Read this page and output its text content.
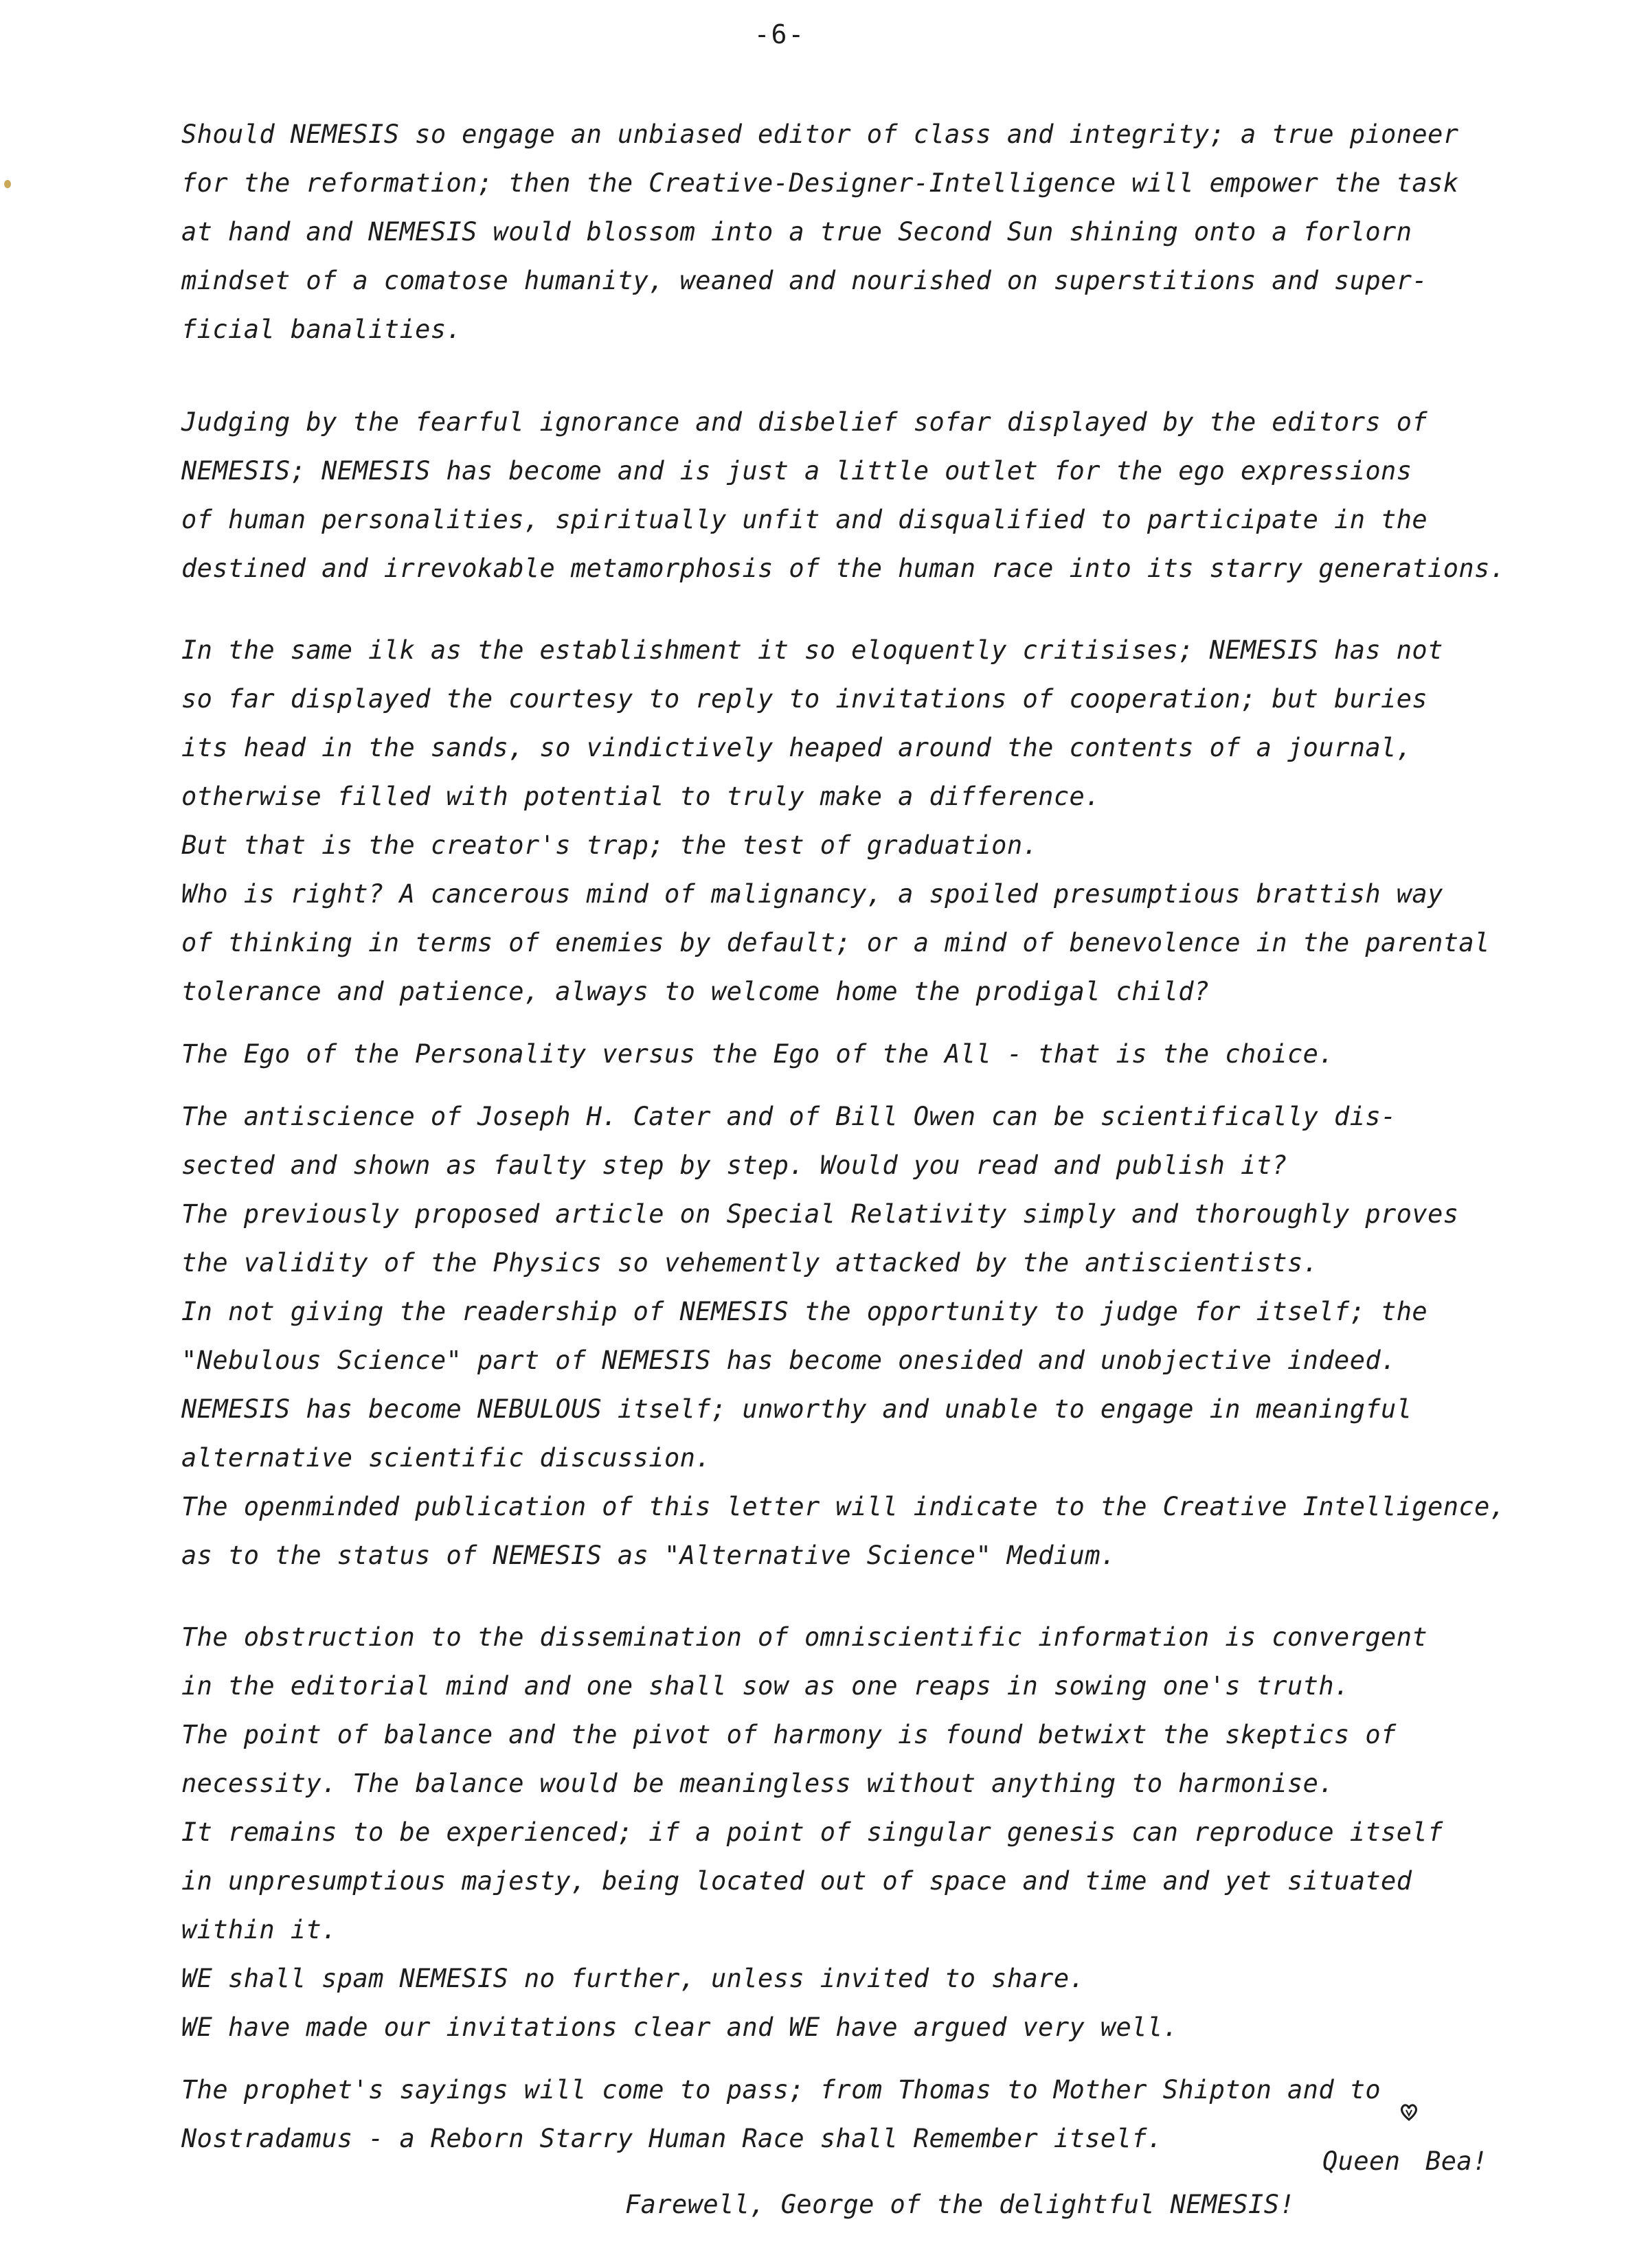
-6-
Should NEMESIS so engage an unbiased editor of class and integrity; a true pioneer
for the reformation; then the Creative-Designer-Intelligence will empower the task
at hand and NEMESIS would blossom into a true Second Sun shining onto a forlorn
mindset of a comatose humanity, weaned and nourished on superstitions and super-
ficial banalities.
Judging by the fearful ignorance and disbelief sofar displayed by the editors of
NEMESIS; NEMESIS has become and is just a little outlet for the ego expressions
of human personalities, spiritually unfit and disqualified to participate in the
destined and irrevokable metamorphosis of the human race into its starry generations.
In the same ilk as the establishment it so eloquently critisises; NEMESIS has not
so far displayed the courtesy to reply to invitations of cooperation; but buries
its head in the sands, so vindictively heaped around the contents of a journal,
otherwise filled with potential to truly make a difference.
But that is the creator's trap; the test of graduation.
Who is right? A cancerous mind of malignancy, a spoiled presumptious brattish way
of thinking in terms of enemies by default; or a mind of benevolence in the parental
tolerance and patience, always to welcome home the prodigal child?
The Ego of the Personality versus the Ego of the All - that is the choice.
The antiscience of Joseph H. Cater and of Bill Owen can be scientifically dis-
sected and shown as faulty step by step. Would you read and publish it?
The previously proposed article on Special Relativity simply and thoroughly proves
the validity of the Physics so vehemently attacked by the antiscientists.
In not giving the readership of NEMESIS the opportunity to judge for itself; the
"Nebulous Science" part of NEMESIS has become onesided and unobjective indeed.
NEMESIS has become NEBULOUS itself; unworthy and unable to engage in meaningful
alternative scientific discussion.
The openminded publication of this letter will indicate to the Creative Intelligence,
as to the status of NEMESIS as "Alternative Science" Medium.
The obstruction to the dissemination of omniscientific information is convergent
in the editorial mind and one shall sow as one reaps in sowing one's truth.
The point of balance and the pivot of harmony is found betwixt the skeptics of
necessity. The balance would be meaningless without anything to harmonise.
It remains to be experienced; if a point of singular genesis can reproduce itself
in unpresumptious majesty, being located out of space and time and yet situated
within it.
WE shall spam NEMESIS no further, unless invited to share.
WE have made our invitations clear and WE have argued very well.
The prophet's sayings will come to pass; from Thomas to Mother Shipton and to
Nostradamus - a Reborn Starry Human Race shall Remember itself.
Queen Bea!
Farewell, George of the delightful NEMESIS!
